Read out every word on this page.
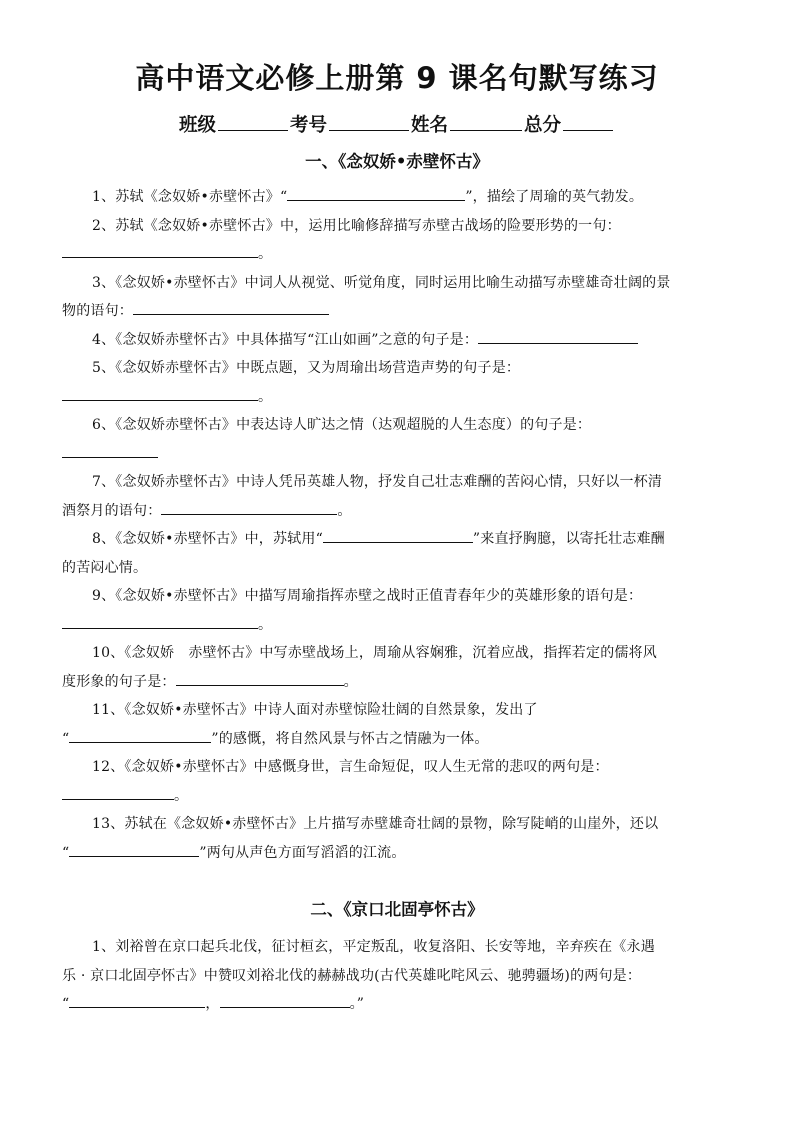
高中语文必修上册第 9 课名句默写练习
班级	考号	姓名	总分
一、《念奴娇•赤壁怀古》

1、苏轼《念奴娇•赤壁怀古》“	”，描绘了周瑜的英气勃发。

2、苏轼《念奴娇•赤壁怀古》中，运用比喻修辞描写赤壁古战场的险要形势的一句：
。

3、《念奴娇•赤壁怀古》中词人从视觉、听觉角度，同时运用比喻生动描写赤壁雄奇壮阔的景
物的语句：

4、《念奴娇赤壁怀古》中具体描写“江山如画”之意的句子是：

5、《念奴娇赤壁怀古》中既点题，又为周瑜出场营造声势的句子是：
。

6、《念奴娇赤壁怀古》中表达诗人旷达之情（达观超脱的人生态度）的句子是：

7、《念奴娇赤壁怀古》中诗人凭吊英雄人物，抒发自己壮志难酬的苦闷心情，只好以一杯清
酒祭月的语句：	。

8、《念奴娇•赤壁怀古》中，苏轼用“	”来直抒胸臆，以寄托壮志难酬
的苦闷心情。

9、《念奴娇•赤壁怀古》中描写周瑜指挥赤壁之战时正值青春年少的英雄形象的语句是：
。

10、《念奴娇　赤壁怀古》中写赤壁战场上，周瑜从容娴雅，沉着应战，指挥若定的儒将风
度形象的句子是：	。

11、《念奴娇•赤壁怀古》中诗人面对赤壁惊险壮阔的自然景象，发出了
“	”的感慨，将自然风景与怀古之情融为一体。

12、《念奴娇•赤壁怀古》中感慨身世，言生命短促，叹人生无常的悲叹的两句是：
。

13、苏轼在《念奴娇•赤壁怀古》上片描写赤壁雄奇壮阔的景物，除写陡峭的山崖外，还以
“	”两句从声色方面写滔滔的江流。

二、《京口北固亭怀古》

1、刘裕曾在京口起兵北伐，征讨桓玄，平定叛乱，收复洛阳、长安等地，辛弃疾在《永遇
乐 · 京口北固亭怀古》中赞叹刘裕北伐的赫赫战功(古代英雄叱咤风云、驰骋疆场)的两句是：
“	，	。”
